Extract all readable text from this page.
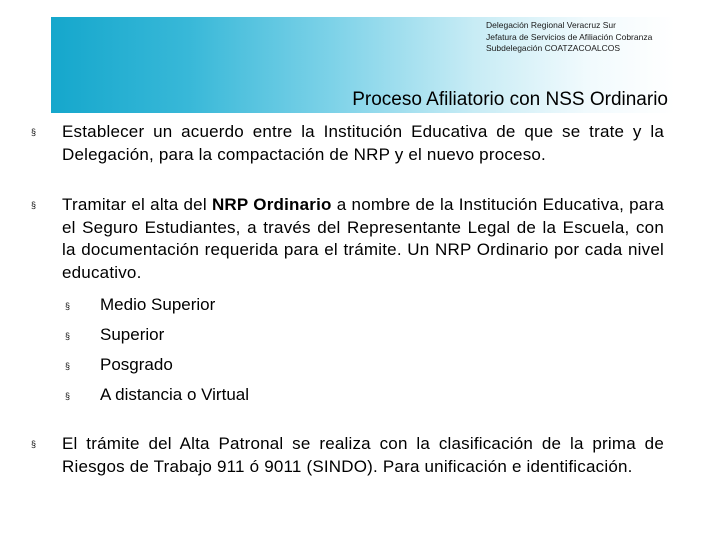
Delegación Regional Veracruz Sur
Jefatura de Servicios de Afiliación Cobranza
Subdelegación COATZACOALCOS
Proceso Afiliatorio con NSS Ordinario
§ Establecer un acuerdo entre la Institución Educativa de que se trate y la Delegación, para la compactación de NRP y el nuevo proceso.
§ Tramitar el alta del NRP Ordinario a nombre de la Institución Educativa, para el Seguro Estudiantes, a través del Representante Legal de la Escuela, con la documentación requerida para el trámite. Un NRP Ordinario por cada nivel educativo.
§ Medio Superior
§ Superior
§ Posgrado
§ A distancia o Virtual
§ El trámite del Alta Patronal se realiza con la clasificación de la prima de Riesgos de Trabajo 911 ó 9011 (SINDO). Para unificación e identificación.
